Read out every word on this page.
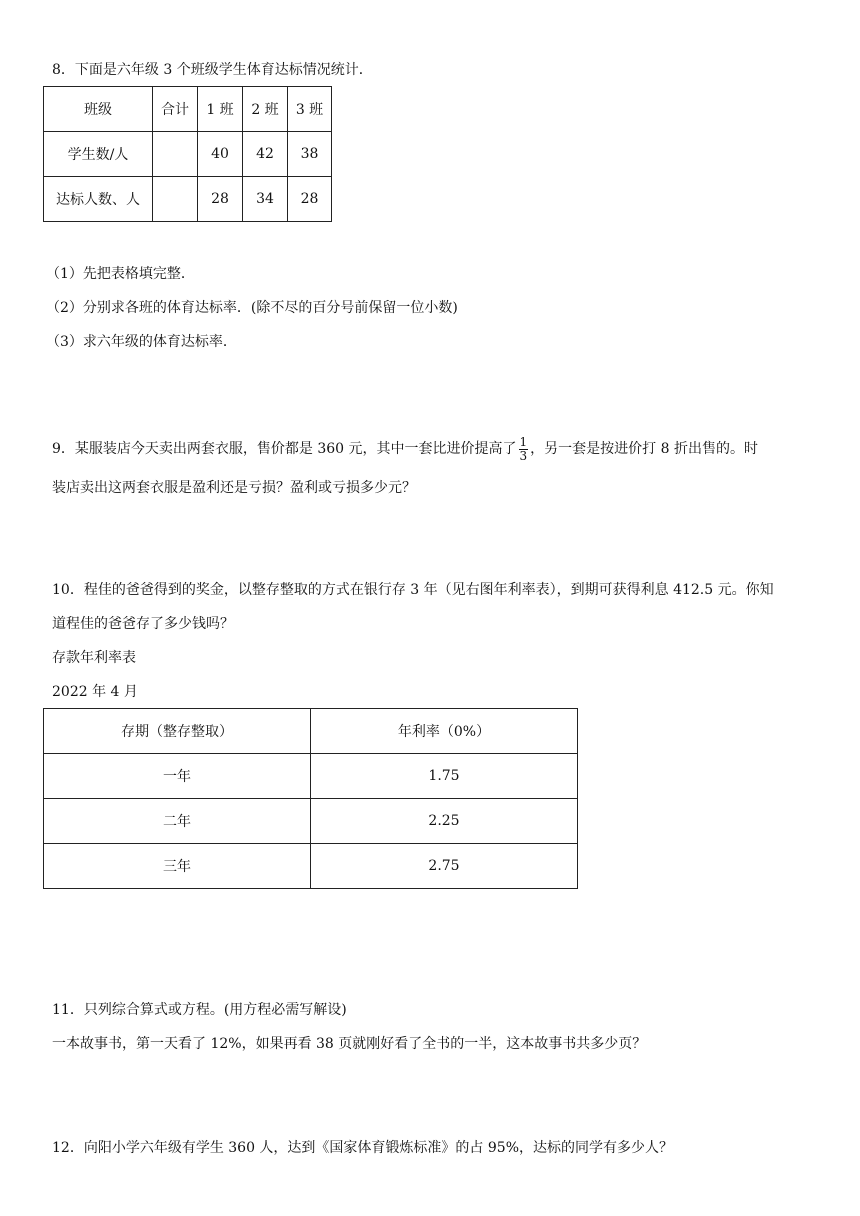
8．下面是六年级 3 个班级学生体育达标情况统计．
班级	合计	1 班	2 班	3 班
学生数/人		40	42	38
达标人数、人		28	34	28
（1）先把表格填完整．
（2）分别求各班的体育达标率．(除不尽的百分号前保留一位小数)
（3）求六年级的体育达标率．
9．某服装店今天卖出两套衣服，售价都是 360 元，其中一套比进价提高了 $\frac{1}{3}$ ，另一套是按进价打 8 折出售的。时
装店卖出这两套衣服是盈利还是亏损？盈利或亏损多少元？
10．程佳的爸爸得到的奖金，以整存整取的方式在银行存 3 年（见右图年利率表），到期可获得利息 412.5 元。你知
道程佳的爸爸存了多少钱吗？
存款年利率表
2022 年 4 月
存期（整存整取）	年利率（0%）
一年	1.75
二年	2.25
三年	2.75
11．只列综合算式或方程。(用方程必需写解设)
一本故事书，第一天看了 12%，如果再看 38 页就刚好看了全书的一半，这本故事书共多少页？
12．向阳小学六年级有学生 360 人，达到《国家体育锻炼标准》的占 95%，达标的同学有多少人？
